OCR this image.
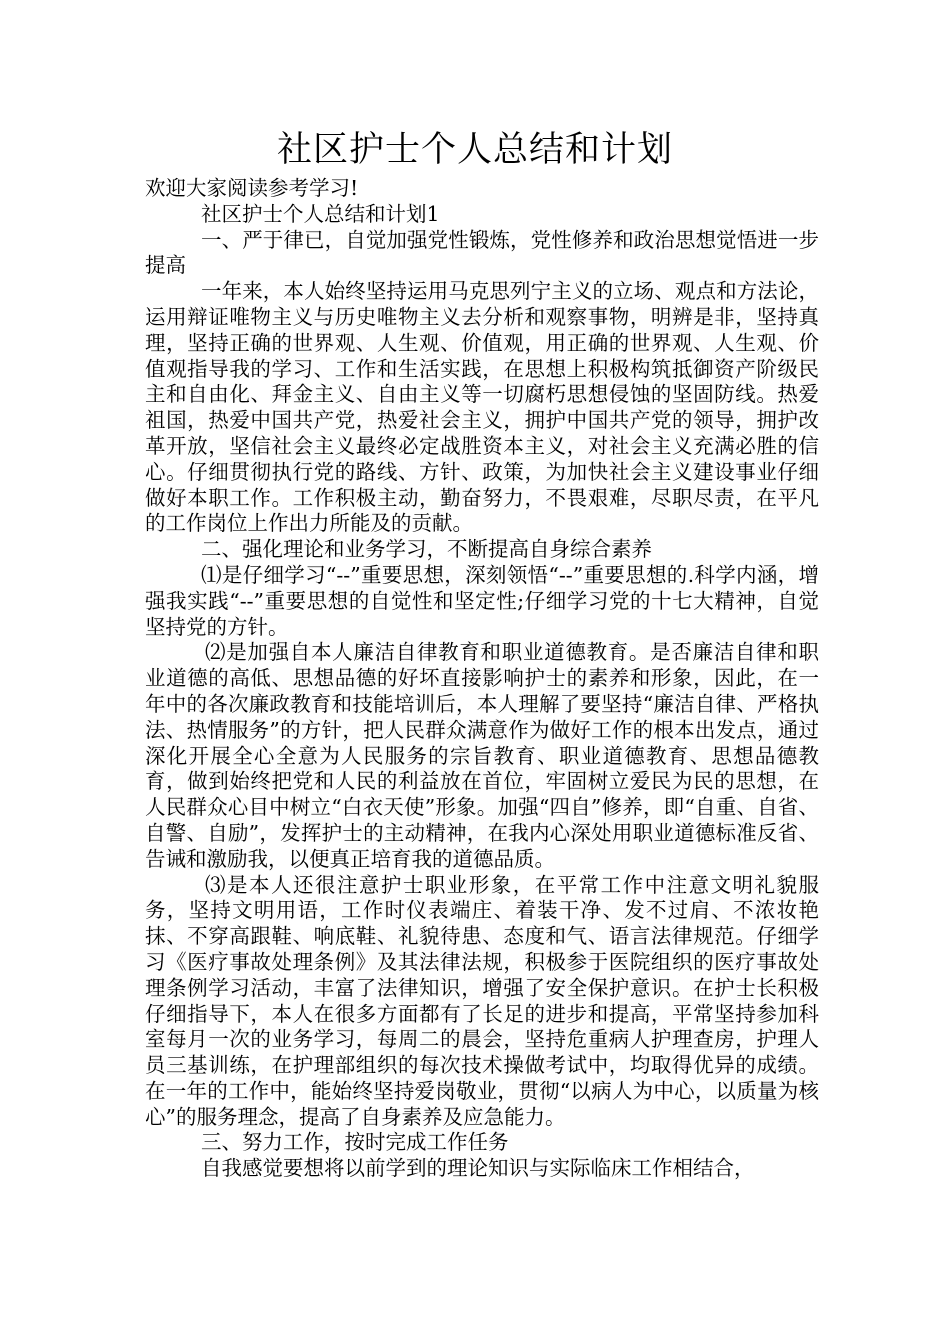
社区护士个人总结和计划

欢迎大家阅读参考学习!

社区护士个人总结和计划1

一、严于律已，自觉加强党性锻炼，党性修养和政治思想觉悟进一步提高

一年来，本人始终坚持运用马克思列宁主义的立场、观点和方法论，运用辩证唯物主义与历史唯物主义去分析和观察事物，明辨是非，坚持真理，坚持正确的世界观、人生观、价值观，用正确的世界观、人生观、价值观指导我的学习、工作和生活实践，在思想上积极构筑抵御资产阶级民主和自由化、拜金主义、自由主义等一切腐朽思想侵蚀的坚固防线。热爱祖国，热爱中国共产党，热爱社会主义，拥护中国共产党的领导，拥护改革开放，坚信社会主义最终必定战胜资本主义，对社会主义充满必胜的信心。仔细贯彻执行党的路线、方针、政策，为加快社会主义建设事业仔细做好本职工作。工作积极主动，勤奋努力，不畏艰难，尽职尽责，在平凡的工作岗位上作出力所能及的贡献。

二、强化理论和业务学习，不断提高自身综合素养

⑴是仔细学习“--”重要思想，深刻领悟“--”重要思想的.科学内涵，增强我实践“--”重要思想的自觉性和坚定性;仔细学习党的十七大精神，自觉坚持党的方针。

⑵是加强自本人廉洁自律教育和职业道德教育。是否廉洁自律和职业道德的高低、思想品德的好坏直接影响护士的素养和形象，因此，在一年中的各次廉政教育和技能培训后，本人理解了要坚持“廉洁自律、严格执法、热情服务”的方针，把人民群众满意作为做好工作的根本出发点，通过深化开展全心全意为人民服务的宗旨教育、职业道德教育、思想品德教育，做到始终把党和人民的利益放在首位，牢固树立爱民为民的思想，在人民群众心目中树立“白衣天使”形象。加强“四自”修养，即“自重、自省、自警、自励”，发挥护士的主动精神，在我内心深处用职业道德标准反省、告诫和激励我，以便真正培育我的道德品质。

⑶是本人还很注意护士职业形象，在平常工作中注意文明礼貌服务，坚持文明用语，工作时仪表端庄、着装干净、发不过肩、不浓妆艳抹、不穿高跟鞋、响底鞋、礼貌待患、态度和气、语言法律规范。仔细学习《医疗事故处理条例》及其法律法规，积极参于医院组织的医疗事故处理条例学习活动，丰富了法律知识，增强了安全保护意识。在护士长积极仔细指导下，本人在很多方面都有了长足的进步和提高，平常坚持参加科室每月一次的业务学习，每周二的晨会，坚持危重病人护理查房，护理人员三基训练，在护理部组织的每次技术操做考试中，均取得优异的成绩。在一年的工作中，能始终坚持爱岗敬业，贯彻“以病人为中心，以质量为核心”的服务理念，提高了自身素养及应急能力。

三、努力工作，按时完成工作任务

自我感觉要想将以前学到的理论知识与实际临床工作相结合，
